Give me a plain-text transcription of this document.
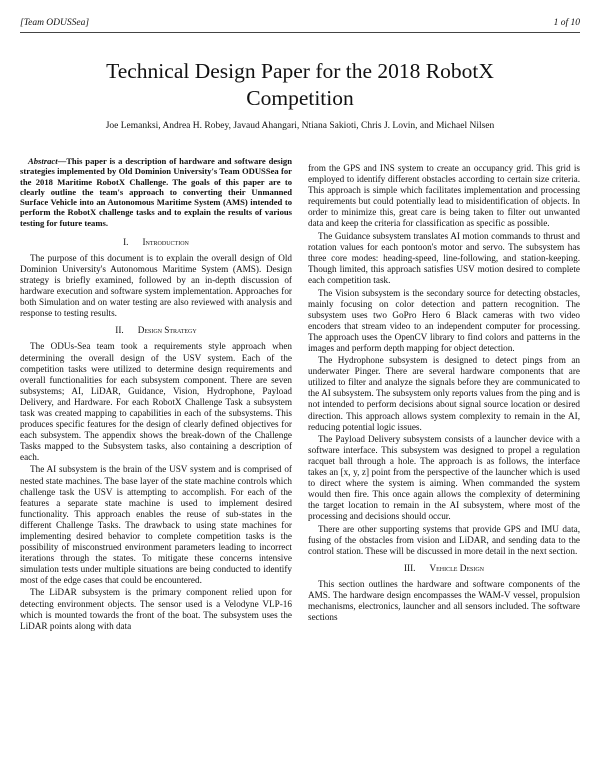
[Team ODUSSea]	1 of 10
Technical Design Paper for the 2018 RobotX Competition
Joe Lemanksi, Andrea H. Robey, Javaud Ahangari, Ntiana Sakioti, Chris J. Lovin, and Michael Nilsen

Abstract—This paper is a description of hardware and software design strategies implemented by Old Dominion University's Team ODUSSea for the 2018 Maritime RobotX Challenge. The goals of this paper are to clearly outline the team's approach to converting their Unmanned Surface Vehicle into an Autonomous Maritime System (AMS) intended to perform the RobotX challenge tasks and to explain the results of various testing for future teams.

I. Introduction

The purpose of this document is to explain the overall design of Old Dominion University's Autonomous Maritime System (AMS). Design strategy is briefly examined, followed by an in-depth discussion of hardware execution and software system implementation. Approaches for both Simulation and on water testing are also reviewed with analysis and response to testing results.

II. Design Strategy

The ODUs-Sea team took a requirements style approach when determining the overall design of the USV system. Each of the competition tasks were utilized to determine design requirements and overall functionalities for each subsystem component. There are seven subsystems; AI, LiDAR, Guidance, Vision, Hydrophone, Payload Delivery, and Hardware. For each RobotX Challenge Task a subsystem task was created mapping to capabilities in each of the subsystems. This produces specific features for the design of clearly defined objectives for each subsystem. The appendix shows the break-down of the Challenge Tasks mapped to the Subsystem tasks, also containing a description of each.

The AI subsystem is the brain of the USV system and is comprised of nested state machines. The base layer of the state machine controls which challenge task the USV is attempting to accomplish. For each of the features a separate state machine is used to implement desired functionality. This approach enables the reuse of sub-states in the different Challenge Tasks. The drawback to using state machines for implementing desired behavior to complete competition tasks is the possibility of misconstrued environment parameters leading to incorrect iterations through the states. To mitigate these concerns intensive simulation tests under multiple situations are being conducted to identify most of the edge cases that could be encountered.

The LiDAR subsystem is the primary component relied upon for detecting environment objects. The sensor used is a Velodyne VLP-16 which is mounted towards the front of the boat. The subsystem uses the LiDAR points along with data

from the GPS and INS system to create an occupancy grid. This grid is employed to identify different obstacles according to certain size criteria. This approach is simple which facilitates implementation and processing requirements but could potentially lead to misidentification of objects. In order to minimize this, great care is being taken to filter out unwanted data and keep the criteria for classification as specific as possible.

The Guidance subsystem translates AI motion commands to thrust and rotation values for each pontoon's motor and servo. The subsystem has three core modes: heading-speed, line-following, and station-keeping. Though limited, this approach satisfies USV motion desired to complete each competition task.

The Vision subsystem is the secondary source for detecting obstacles, mainly focusing on color detection and pattern recognition. The subsystem uses two GoPro Hero 6 Black cameras with two video encoders that stream video to an independent computer for processing. The approach uses the OpenCV library to find colors and patterns in the images and perform depth mapping for object detection.

The Hydrophone subsystem is designed to detect pings from an underwater Pinger. There are several hardware components that are utilized to filter and analyze the signals before they are communicated to the AI subsystem. The subsystem only reports values from the ping and is not intended to perform decisions about signal source location or desired direction. This approach allows system complexity to remain in the AI, reducing potential logic issues.

The Payload Delivery subsystem consists of a launcher device with a software interface. This subsystem was designed to propel a regulation racquet ball through a hole. The approach is as follows, the interface takes an [x, y, z] point from the perspective of the launcher which is used to direct where the system is aiming. When commanded the system would then fire. This once again allows the complexity of determining the target location to remain in the AI subsystem, where most of the processing and decisions should occur.

There are other supporting systems that provide GPS and IMU data, fusing of the obstacles from vision and LiDAR, and sending data to the control station. These will be discussed in more detail in the next section.

III. Vehicle Design

This section outlines the hardware and software components of the AMS. The hardware design encompasses the WAM-V vessel, propulsion mechanisms, electronics, launcher and all sensors included. The software sections
